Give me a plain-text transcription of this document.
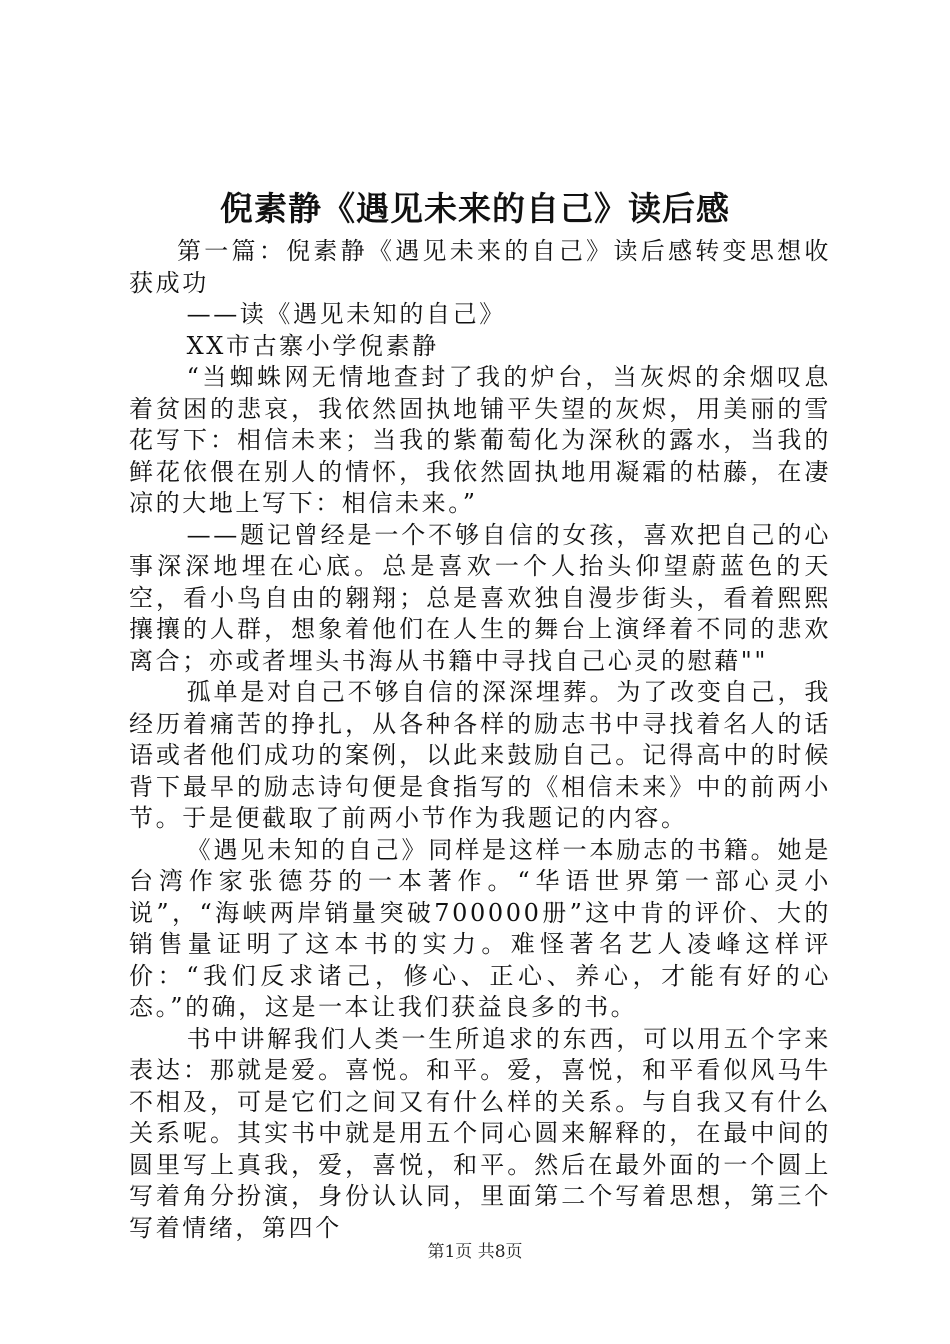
倪素静《遇见未来的自己》读后感

第一篇：倪素静《遇见未来的自己》读后感转变思想收获成功

——读《遇见未知的自己》

XX市古寨小学倪素静

“当蜘蛛网无情地查封了我的炉台，当灰烬的余烟叹息着贫困的悲哀，我依然固执地铺平失望的灰烬，用美丽的雪花写下：相信未来；当我的紫葡萄化为深秋的露水，当我的鲜花依偎在别人的情怀，我依然固执地用凝霜的枯藤，在凄凉的大地上写下：相信未来。”

——题记曾经是一个不够自信的女孩，喜欢把自己的心事深深地埋在心底。总是喜欢一个人抬头仰望蔚蓝色的天空，看小鸟自由的翱翔；总是喜欢独自漫步街头，看着熙熙攘攘的人群，想象着他们在人生的舞台上演绎着不同的悲欢离合；亦或者埋头书海从书籍中寻找自己心灵的慰藉""

孤单是对自己不够自信的深深埋葬。为了改变自己，我经历着痛苦的挣扎，从各种各样的励志书中寻找着名人的话语或者他们成功的案例，以此来鼓励自己。记得高中的时候背下最早的励志诗句便是食指写的《相信未来》中的前两小节。于是便截取了前两小节作为我题记的内容。

《遇见未知的自己》同样是这样一本励志的书籍。她是台湾作家张德芬的一本著作。“华语世界第一部心灵小说”，“海峡两岸销量突破700000册”这中肯的评价、大的销售量证明了这本书的实力。难怪著名艺人凌峰这样评价：“我们反求诸己，修心、正心、养心，才能有好的心态。”的确，这是一本让我们获益良多的书。

书中讲解我们人类一生所追求的东西，可以用五个字来表达：那就是爱。喜悦。和平。爱，喜悦，和平看似风马牛不相及，可是它们之间又有什么样的关系。与自我又有什么关系呢。其实书中就是用五个同心圆来解释的，在最中间的圆里写上真我，爱，喜悦，和平。然后在最外面的一个圆上写着角分扮演，身份认认同，里面第二个写着思想，第三个写着情绪，第四个

第1页 共8页
